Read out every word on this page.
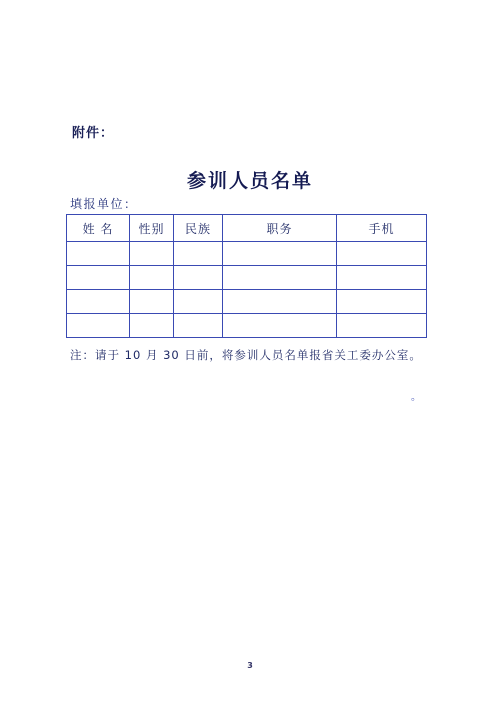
附件：
参训人员名单
填报单位：
姓 名	性别	民族	职务	手机

注：请于 10 月 30 日前，将参训人员名单报省关工委办公室。
。
3
